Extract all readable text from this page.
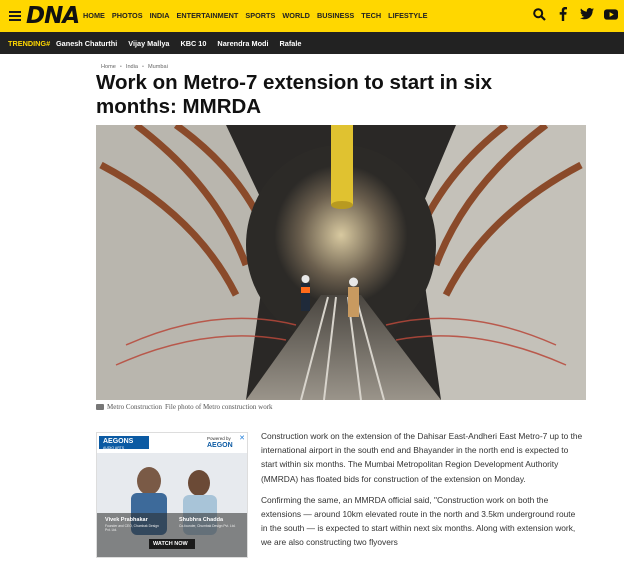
DNA HOME PHOTOS INDIA ENTERTAINMENT SPORTS WORLD BUSINESS TECH LIFESTYLE
TRENDING# Ganesh Chaturthi Vijay Mallya KBC 10 Narendra Modi Rafale
Home • India • Mumbai
Work on Metro-7 extension to start in six months: MMRDA
Metro Construction File photo of Metro construction work
AEGONS
AUDIO ARTS
Powered by
AEGON
Vivek Prabhakar
Founder and CEO, Chumbak Design Pvt. Ltd.
Shubhra Chadda
Co-founder, Chumbak Design Pvt. Ltd.
WATCH NOW
✕ Construction work on the extension of the Dahisar East-Andheri East Metro-7 up to the international airport in the south end and Bhayander in the north end is expected to start within six months. The Mumbai Metropolitan Region Development Authority (MMRDA) has floated bids for construction of the extension on Monday.

Confirming the same, an MMRDA official said, "Construction work on both the extensions — around 10km elevated route in the north and 3.5km underground route in the south — is expected to start within next six months. Along with extension work, we are also constructing two flyovers
